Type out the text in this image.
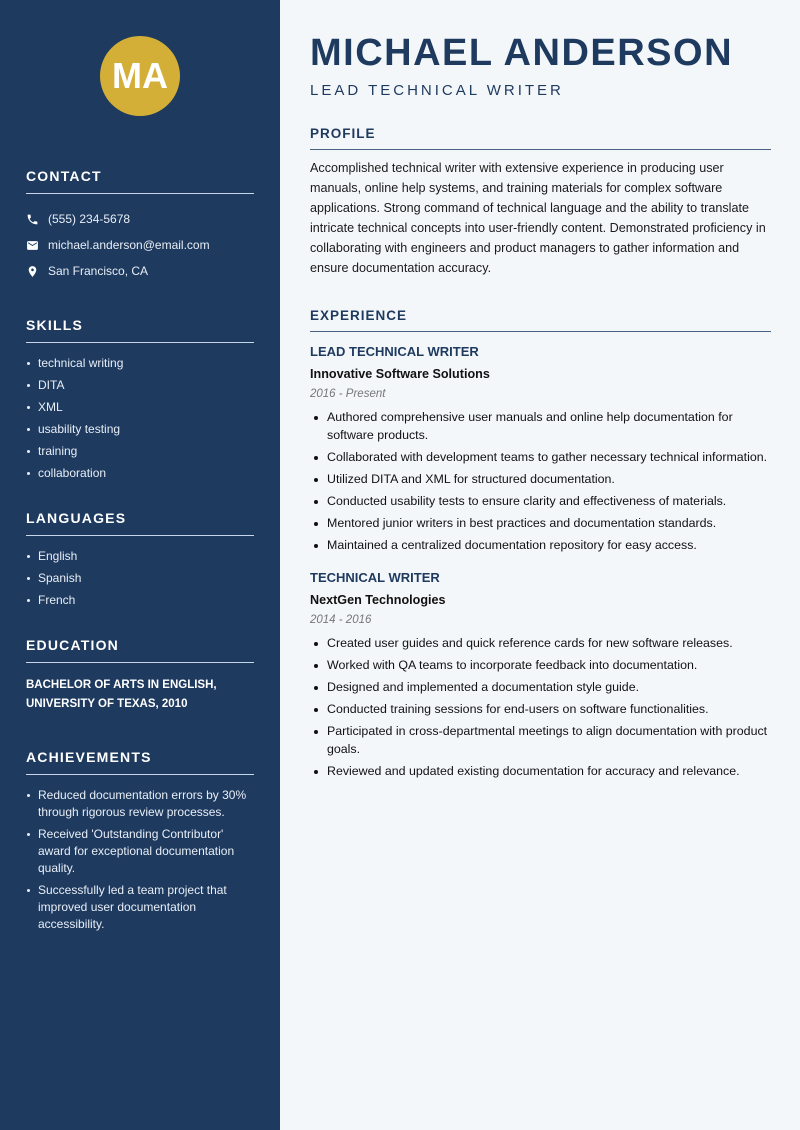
MA
CONTACT
(555) 234-5678
michael.anderson@email.com
San Francisco, CA
SKILLS
technical writing
DITA
XML
usability testing
training
collaboration
LANGUAGES
English
Spanish
French
EDUCATION
BACHELOR OF ARTS IN ENGLISH,
UNIVERSITY OF TEXAS, 2010
ACHIEVEMENTS
Reduced documentation errors by 30% through rigorous review processes.
Received 'Outstanding Contributor' award for exceptional documentation quality.
Successfully led a team project that improved user documentation accessibility.
MICHAEL ANDERSON
LEAD TECHNICAL WRITER
PROFILE

Accomplished technical writer with extensive experience in producing user manuals, online help systems, and training materials for complex software applications. Strong command of technical language and the ability to translate intricate technical concepts into user-friendly content. Demonstrated proficiency in collaborating with engineers and product managers to gather information and ensure documentation accuracy.

EXPERIENCE
LEAD TECHNICAL WRITER
Innovative Software Solutions
2016 - Present
Authored comprehensive user manuals and online help documentation for software products.
Collaborated with development teams to gather necessary technical information.
Utilized DITA and XML for structured documentation.
Conducted usability tests to ensure clarity and effectiveness of materials.
Mentored junior writers in best practices and documentation standards.
Maintained a centralized documentation repository for easy access.
TECHNICAL WRITER
NextGen Technologies
2014 - 2016
Created user guides and quick reference cards for new software releases.
Worked with QA teams to incorporate feedback into documentation.
Designed and implemented a documentation style guide.
Conducted training sessions for end-users on software functionalities.
Participated in cross-departmental meetings to align documentation with product goals.
Reviewed and updated existing documentation for accuracy and relevance.
